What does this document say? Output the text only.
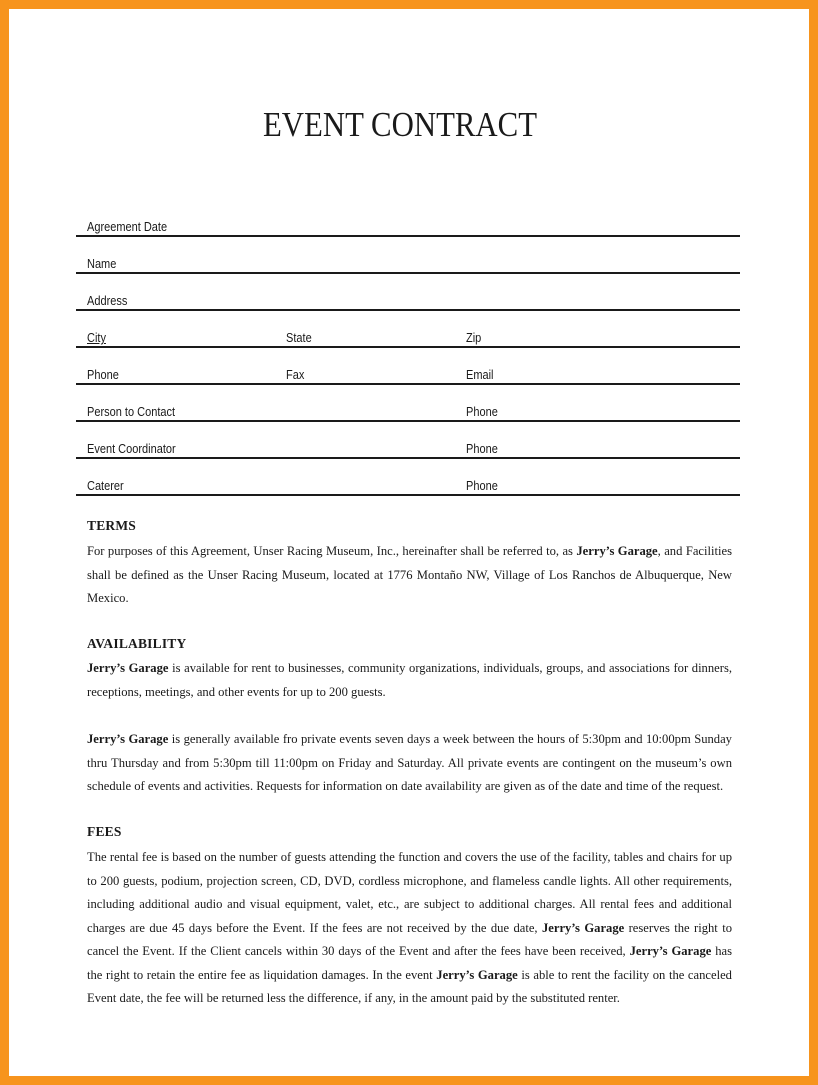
EVENT CONTRACT
Agreement Date
Name
Address
City	State	Zip
Phone	Fax	Email
Person to Contact	Phone
Event Coordinator	Phone
Caterer	Phone
TERMS

For purposes of this Agreement, Unser Racing Museum, Inc., hereinafter shall be referred to, as Jerry’s Garage, and Facilities shall be defined as the Unser Racing Museum, located at 1776 Montaño NW, Village of Los Ranchos de Albuquerque, New Mexico.

AVAILABILITY

Jerry’s Garage is available for rent to businesses, community organizations, individuals, groups, and associations for dinners, receptions, meetings, and other events for up to 200 guests.

Jerry’s Garage is generally available fro private events seven days a week between the hours of 5:30pm and 10:00pm Sunday thru Thursday and from 5:30pm till 11:00pm on Friday and Saturday. All private events are contingent on the museum’s own schedule of events and activities. Requests for information on date availability are given as of the date and time of the request.

FEES

The rental fee is based on the number of guests attending the function and covers the use of the facility, tables and chairs for up to 200 guests, podium, projection screen, CD, DVD, cordless microphone, and flameless candle lights. All other requirements, including additional audio and visual equipment, valet, etc., are subject to additional charges. All rental fees and additional charges are due 45 days before the Event. If the fees are not received by the due date, Jerry’s Garage reserves the right to cancel the Event. If the Client cancels within 30 days of the Event and after the fees have been received, Jerry’s Garage has the right to retain the entire fee as liquidation damages. In the event Jerry’s Garage is able to rent the facility on the canceled Event date, the fee will be returned less the difference, if any, in the amount paid by the substituted renter.
